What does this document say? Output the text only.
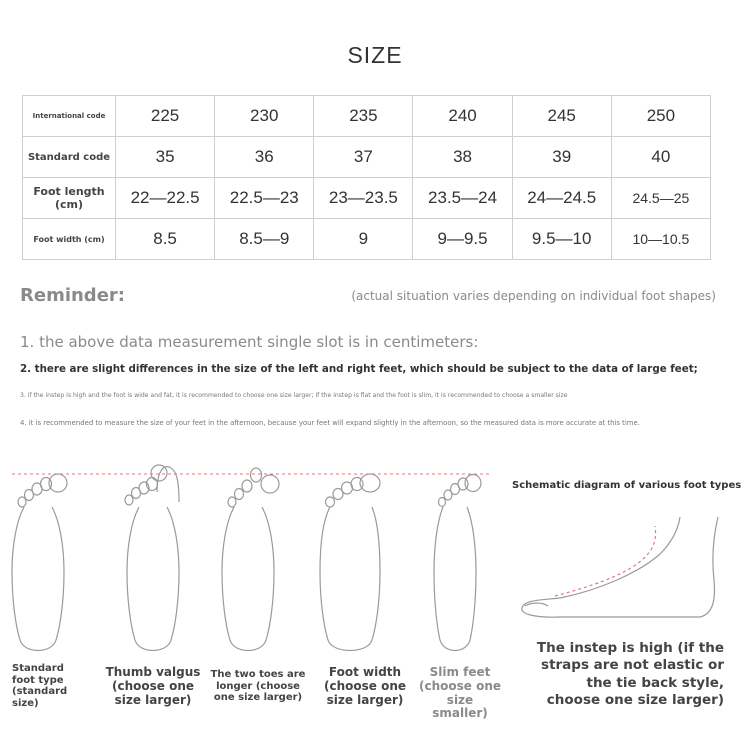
SIZE
International code	225	230	235	240	245	250
Standard code	35	36	37	38	39	40
Foot length (cm)	22—22.5	22.5—23	23—23.5	23.5—24	24—24.5	24.5—25
Foot width (cm)	8.5	8.5—9	9	9—9.5	9.5—10	10—10.5
Reminder:	(actual situation varies depending on individual foot shapes)
1. the above data measurement single slot is in centimeters:
2. there are slight differences in the size of the left and right feet, which should be subject to the data of large feet;
3. if the instep is high and the foot is wide and fat, it is recommended to choose one size larger; if the instep is flat and the foot is slim, it is recommended to choose a smaller size
4. it is recommended to measure the size of your feet in the afternoon, because your feet will expand slightly in the afternoon, so the measured data is more accurate at this time.
Standard foot type (standard size)
Thumb valgus (choose one size larger)
The two toes are longer (choose one size larger)
Foot width (choose one size larger)
Slim feet (choose one size smaller)
Schematic diagram of various foot types
The instep is high (if the straps are not elastic or the tie back style, choose one size larger)
